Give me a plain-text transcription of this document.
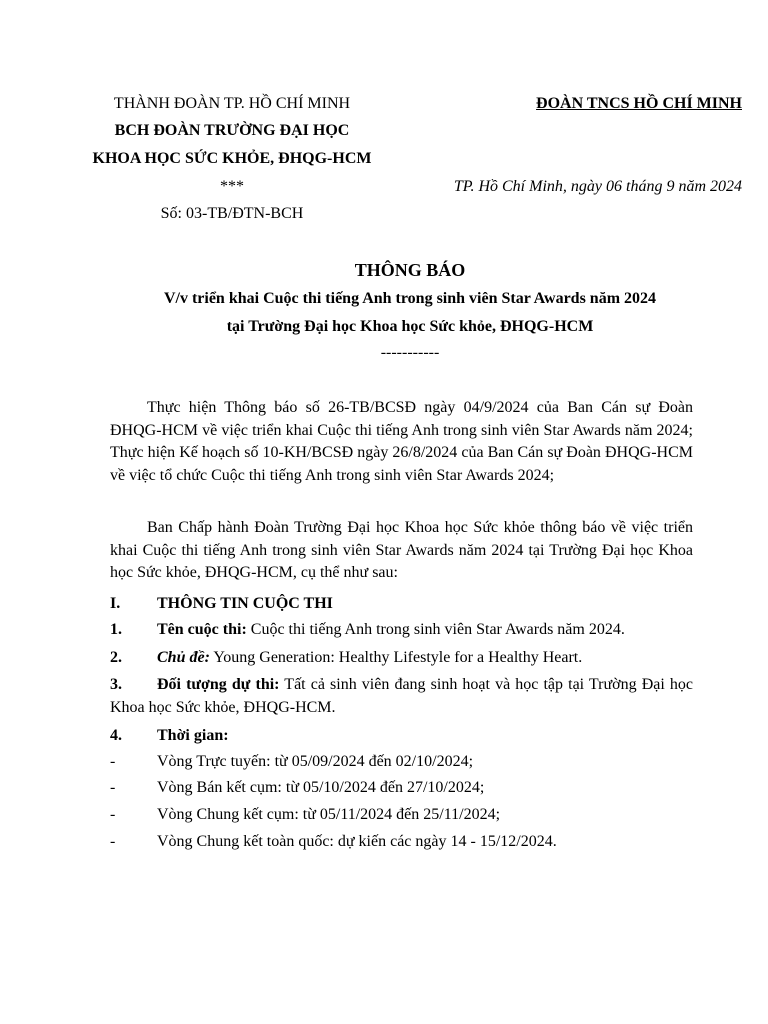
THÀNH ĐOÀN TP. HỒ CHÍ MINH
BCH ĐOÀN TRƯỜNG ĐẠI HỌC
KHOA HỌC SỨC KHỎE, ĐHQG-HCM
***
Số: 03-TB/ĐTN-BCH
ĐOÀN TNCS HỒ CHÍ MINH
TP. Hồ Chí Minh, ngày 06 tháng 9 năm 2024
THÔNG BÁO
V/v triển khai Cuộc thi tiếng Anh trong sinh viên Star Awards năm 2024
tại Trường Đại học Khoa học Sức khỏe, ĐHQG-HCM
-----------
Thực hiện Thông báo số 26-TB/BCSĐ ngày 04/9/2024 của Ban Cán sự Đoàn ĐHQG-HCM về việc triển khai Cuộc thi tiếng Anh trong sinh viên Star Awards năm 2024; Thực hiện Kế hoạch số 10-KH/BCSĐ ngày 26/8/2024 của Ban Cán sự Đoàn ĐHQG-HCM về việc tổ chức Cuộc thi tiếng Anh trong sinh viên Star Awards 2024;
Ban Chấp hành Đoàn Trường Đại học Khoa học Sức khỏe thông báo về việc triển khai Cuộc thi tiếng Anh trong sinh viên Star Awards năm 2024 tại Trường Đại học Khoa học Sức khỏe, ĐHQG-HCM, cụ thể như sau:
I.	THÔNG TIN CUỘC THI
1.	Tên cuộc thi: Cuộc thi tiếng Anh trong sinh viên Star Awards năm 2024.
2.	Chủ đề: Young Generation: Healthy Lifestyle for a Healthy Heart.
3.	Đối tượng dự thi: Tất cả sinh viên đang sinh hoạt và học tập tại Trường Đại học Khoa học Sức khỏe, ĐHQG-HCM.
4.	Thời gian:
-	Vòng Trực tuyến: từ 05/09/2024 đến 02/10/2024;
-	Vòng Bán kết cụm: từ 05/10/2024 đến 27/10/2024;
-	Vòng Chung kết cụm: từ 05/11/2024 đến 25/11/2024;
-	Vòng Chung kết toàn quốc: dự kiến các ngày 14 - 15/12/2024.
